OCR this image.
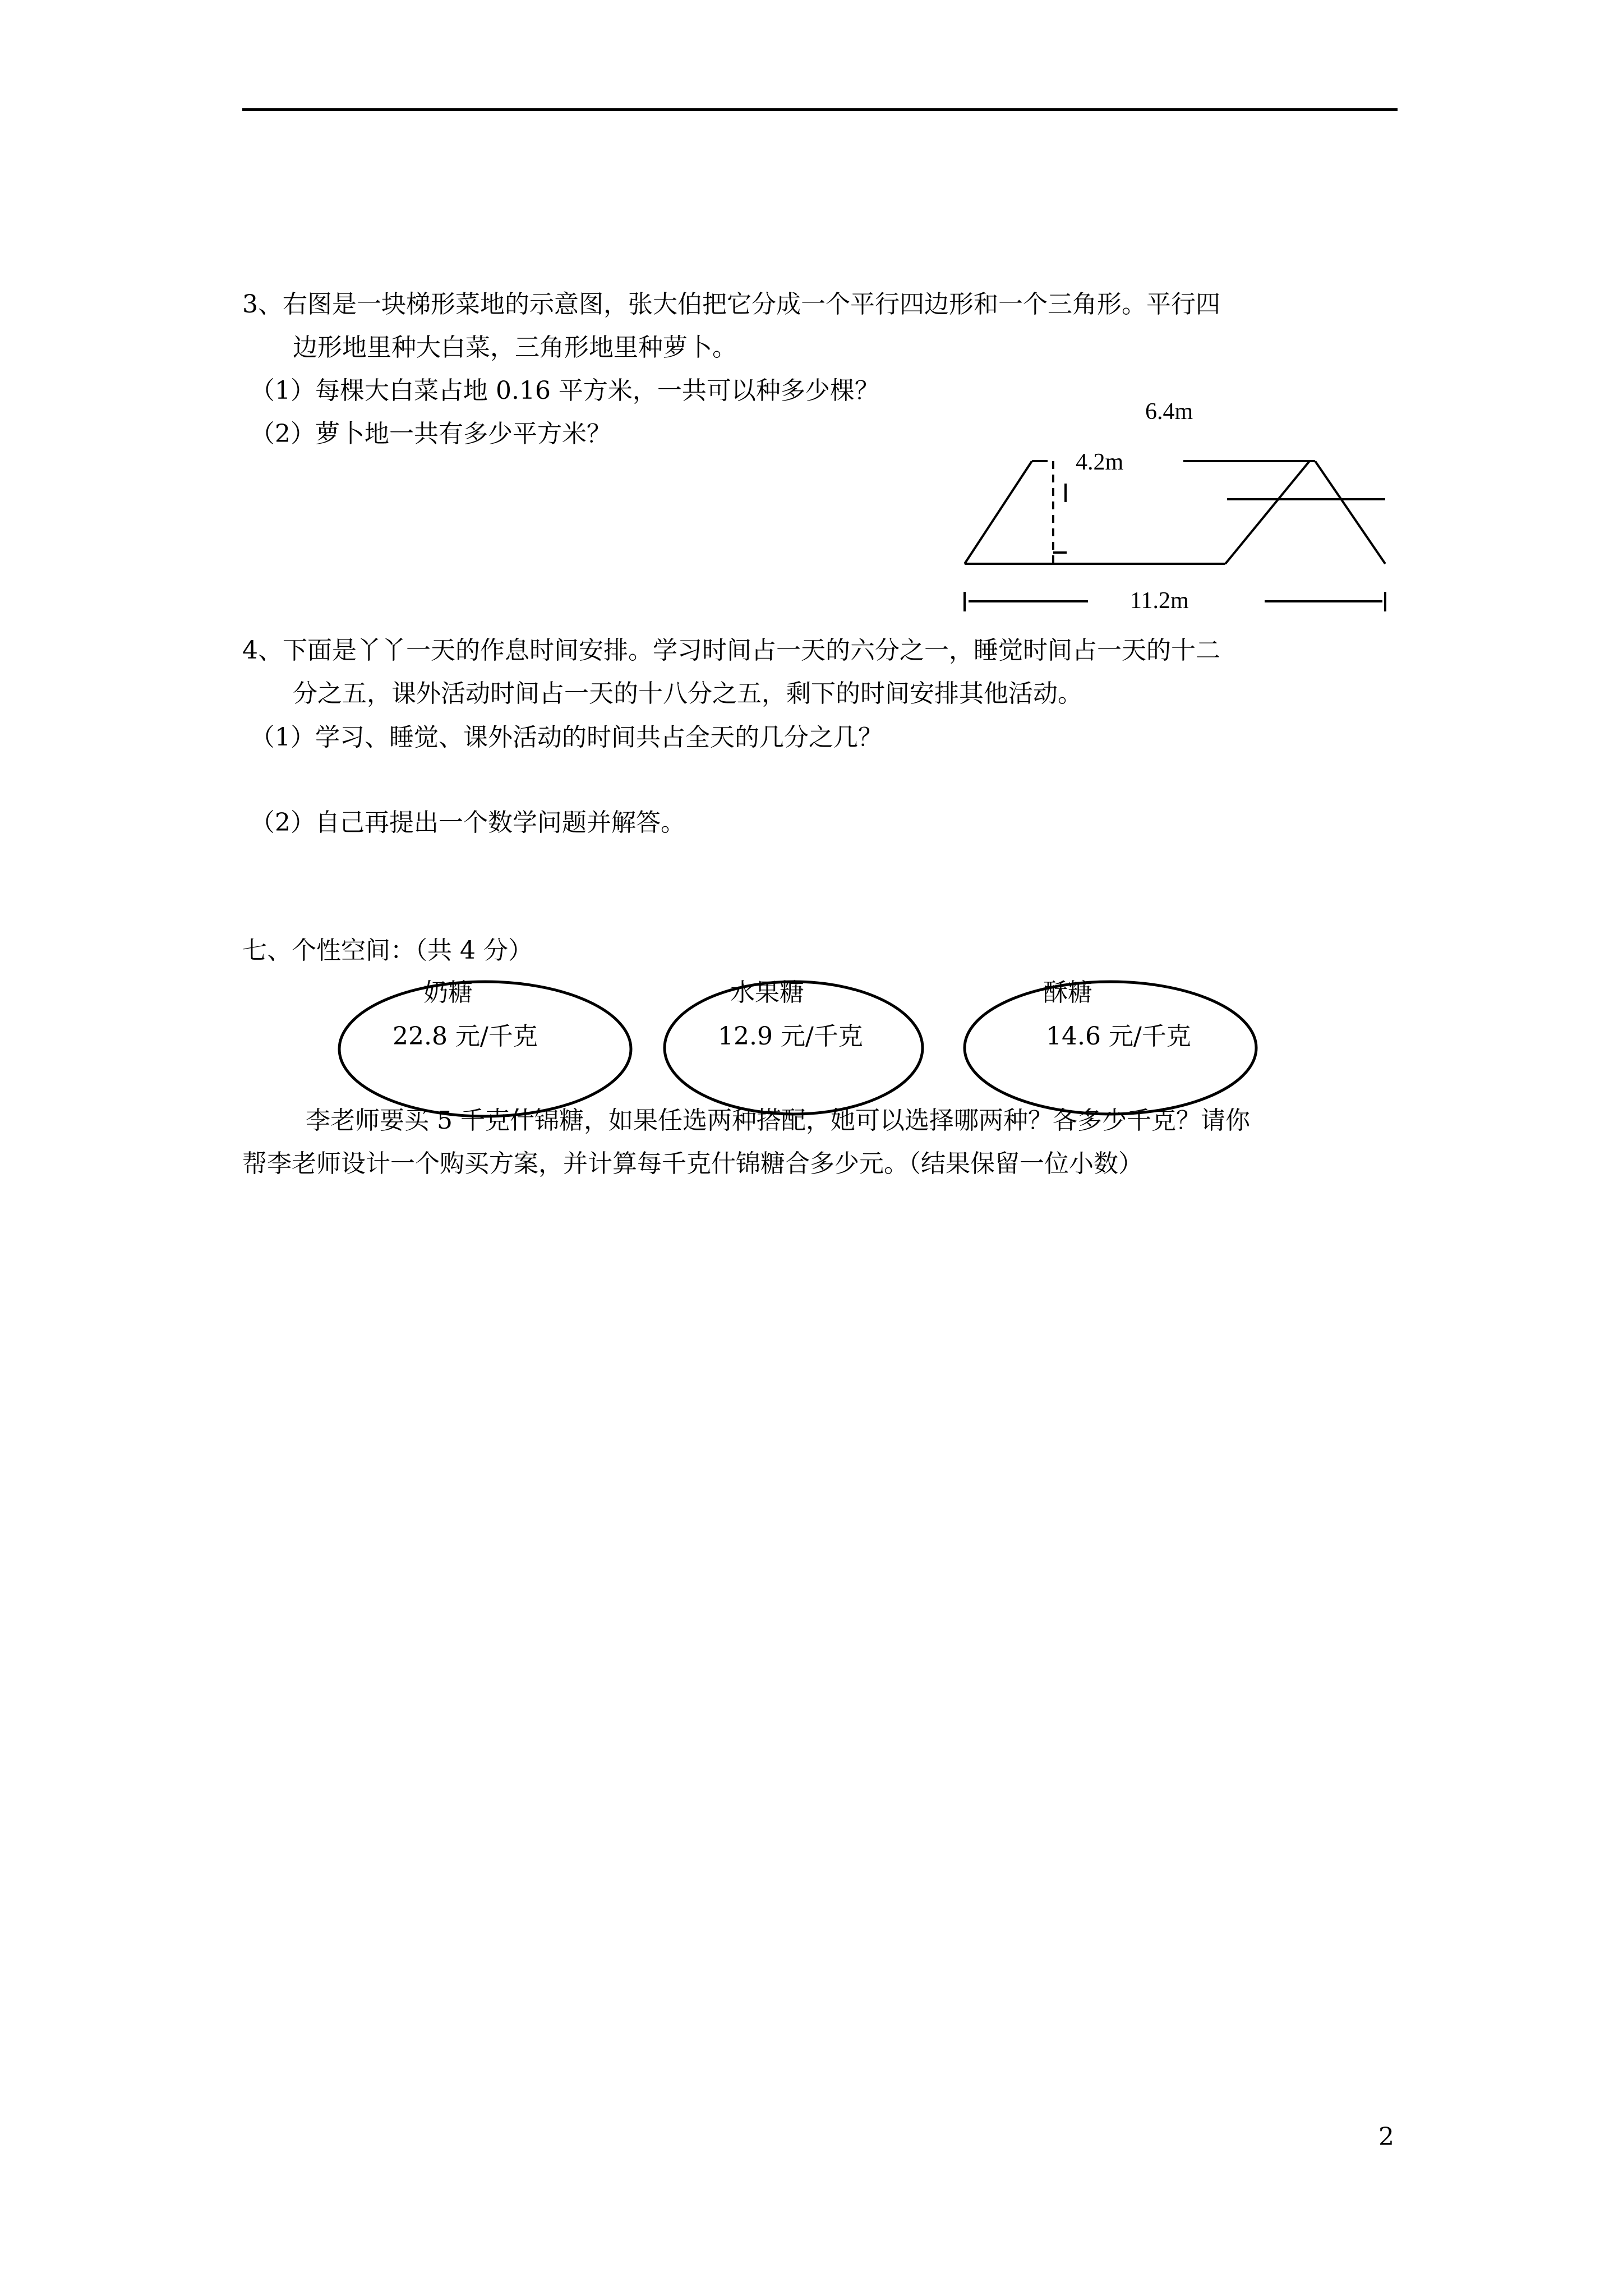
3、右图是一块梯形菜地的示意图，张大伯把它分成一个平行四边形和一个三角形。平行四
边形地里种大白菜，三角形地里种萝卜。
（1）每棵大白菜占地 0.16 平方米，一共可以种多少棵？
（2）萝卜地一共有多少平方米？
6.4m
4.2m
11.2m
4、下面是丫丫一天的作息时间安排。学习时间占一天的六分之一，睡觉时间占一天的十二
分之五，课外活动时间占一天的十八分之五，剩下的时间安排其他活动。
（1）学习、睡觉、课外活动的时间共占全天的几分之几？
（2）自己再提出一个数学问题并解答。
七、个性空间：（共 4 分）
奶糖
22.8 元/千克
水果糖
12.9 元/千克
酥糖
14.6 元/千克
李老师要买 5 千克什锦糖，如果任选两种搭配，她可以选择哪两种？各多少千克？请你
帮李老师设计一个购买方案，并计算每千克什锦糖合多少元。（结果保留一位小数）
2
